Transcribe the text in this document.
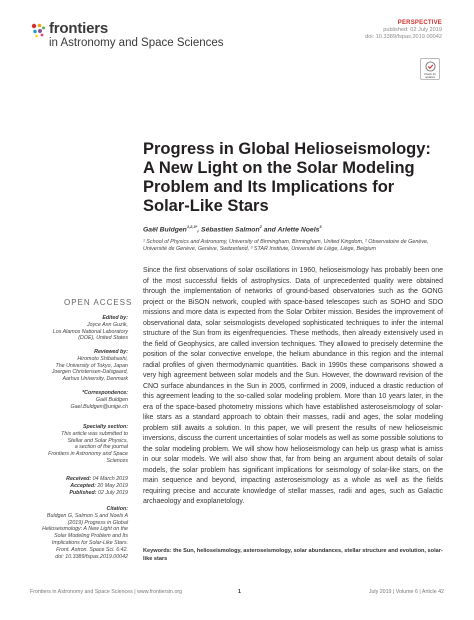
frontiers
in Astronomy and Space Sciences
PERSPECTIVE
published: 02 July 2019
doi: 10.3389/fspas.2019.00042
Check for updates
Progress in Global Helioseismology: A New Light on the Solar Modeling Problem and Its Implications for Solar-Like Stars
Gaël Buldgen$^{1,2,3*}$, Sébastien Salmon$^2$ and Arlette Noels$^3$
¹ School of Physics and Astronomy, University of Birmingham, Birmingham, United Kingdom, ² Observatoire de Genève, Université de Genève, Genève, Switzerland, ³ STAR Institute, Université de Liège, Liège, Belgium

Since the first observations of solar oscillations in 1960, helioseismology has probably been one of the most successful fields of astrophysics. Data of unprecedented quality were obtained through the implementation of networks of ground-based observatories such as the GONG project or the BiSON network, coupled with space-based telescopes such as SOHO and SDO missions and more data is expected from the Solar Orbiter mission. Besides the improvement of observational data, solar seismologists developed sophisticated techniques to infer the internal structure of the Sun from its eigenfrequencies. These methods, then already extensively used in the field of Geophysics, are called inversion techniques. They allowed to precisely determine the position of the solar convective envelope, the helium abundance in this region and the internal radial profiles of given thermodynamic quantities. Back in 1990s these comparisons showed a very high agreement between solar models and the Sun. However, the downward revision of the CNO surface abundances in the Sun in 2005, confirmed in 2009, induced a drastic reduction of this agreement leading to the so-called solar modeling problem. More than 10 years later, in the era of the space-based photometry missions which have established asteroseismology of solar-like stars as a standard approach to obtain their masses, radii and ages, the solar modeling problem still awaits a solution. In this paper, we will present the results of new helioseismic inversions, discuss the current uncertainties of solar models as well as some possible solutions to the solar modeling problem. We will show how helioseismology can help us grasp what is amiss in our solar models. We will also show that, far from being an argument about details of solar models, the solar problem has significant implications for seismology of solar-like stars, on the main sequence and beyond, impacting asteroseismology as a whole as well as the fields requiring precise and accurate knowledge of stellar masses, radii and ages, such as Galactic archaeology and exoplanetology.

Keywords: the Sun, helioseismology, asteroseismology, solar abundances, stellar structure and evolution, solar-like stars

OPEN ACCESS
Edited by:
Joyce Ann Guzik,
Los Alamos National Laboratory
(DOE), United States
Reviewed by:
Hiromoto Shibahashi,
The University of Tokyo, Japan
Joergen Christensen-Dalsgaard,
Aarhus University, Denmark
*Correspondence:
Gaël Buldgen
Gael.Buldgen@unige.ch
Specialty section:
This article was submitted to
Stellar and Solar Physics,
a section of the journal
Frontiers in Astronomy and Space
Sciences
Received: 04 March 2019
Accepted: 20 May 2019
Published: 02 July 2019
Citation:
Buldgen G, Salmon S and Noels A
(2019) Progress in Global
Helioseismology: A New Light on the
Solar Modeling Problem and Its
Implications for Solar-Like Stars.
Front. Astron. Space Sci. 6:42.
doi: 10.3389/fspas.2019.00042
Frontiers in Astronomy and Space Sciences | www.frontiersin.org	1	July 2019 | Volume 6 | Article 42
